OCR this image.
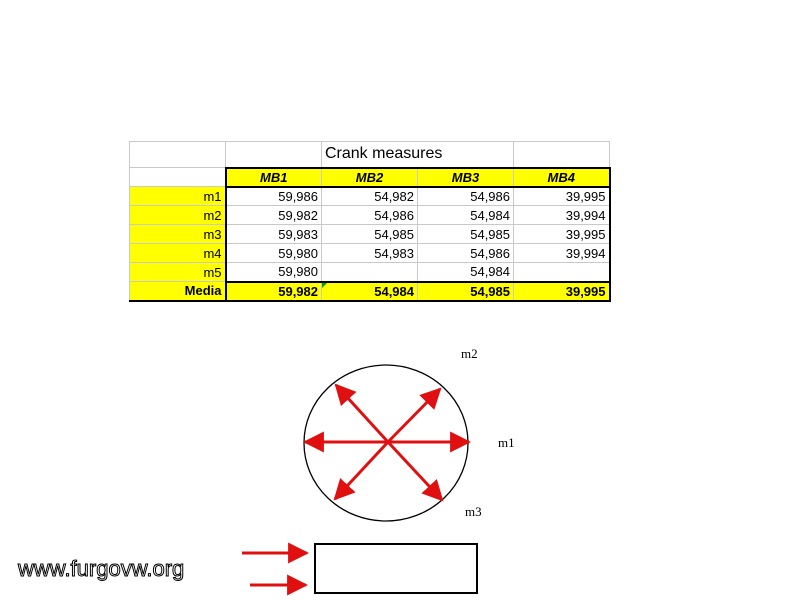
		Crank measures		
	MB1	MB2	MB3	MB4
m1	59,986	54,982	54,986	39,995
m2	59,982	54,986	54,984	39,994
m3	59,983	54,985	54,985	39,995
m4	59,980	54,983	54,986	39,994
m5	59,980		54,984	
Media	59,982	54,984	54,985	39,995
m2
m1
m3
www.furgovw.org
